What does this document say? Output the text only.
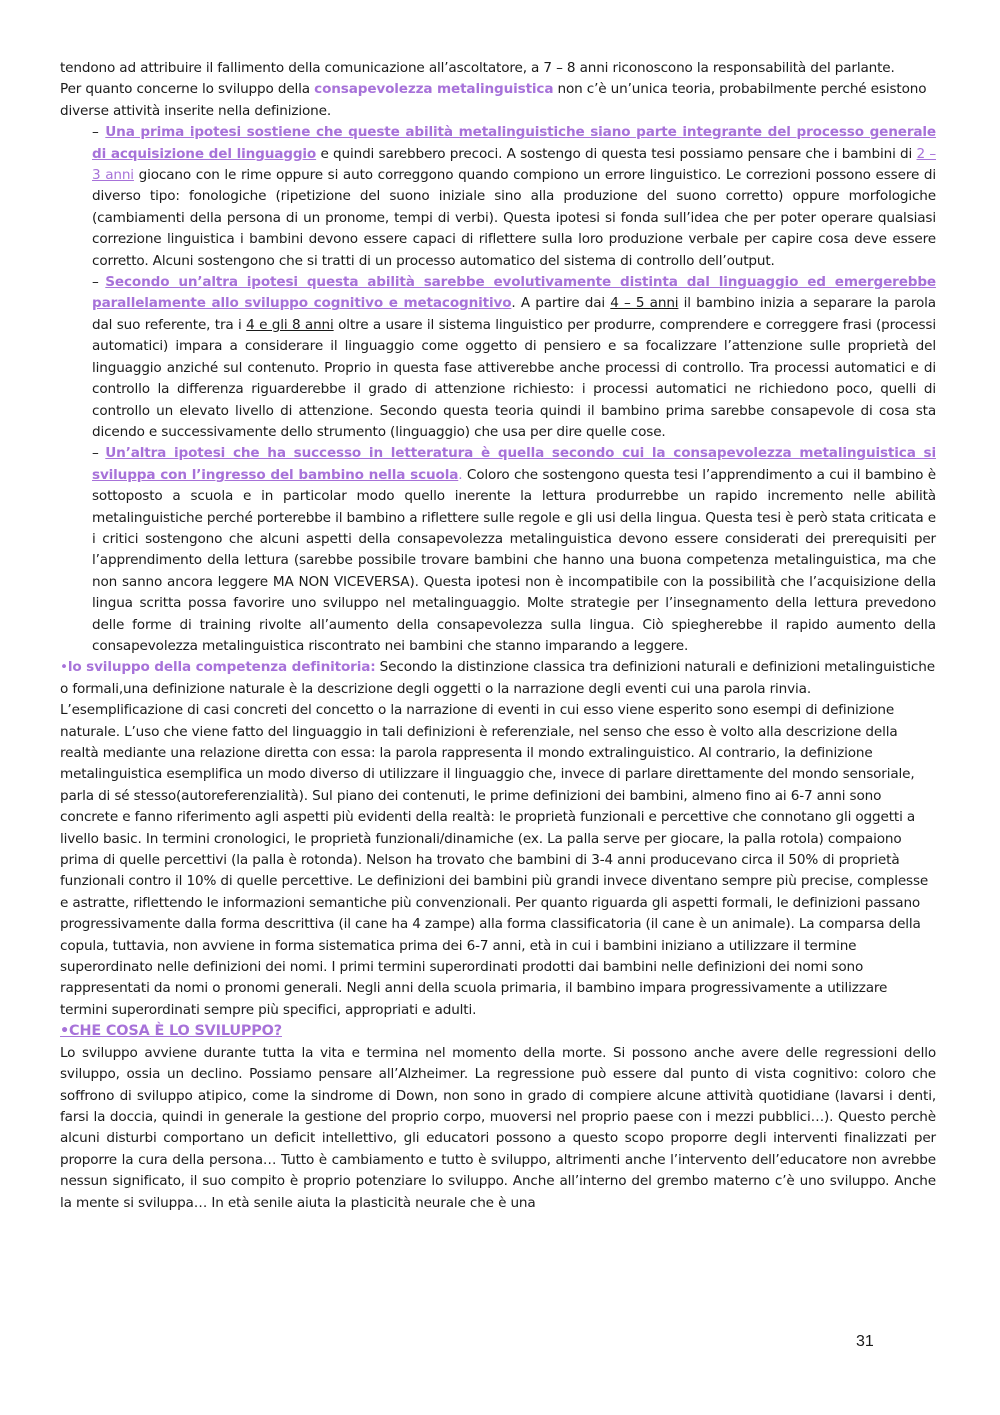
tendono ad attribuire il fallimento della comunicazione all’ascoltatore, a 7 – 8 anni riconoscono la responsabilità del parlante.

Per quanto concerne lo sviluppo della consapevolezza metalinguistica non c’è un’unica teoria, probabilmente perché esistono diverse attività inserite nella definizione.

–
   Una prima ipotesi sostiene che queste abilità metalinguistiche siano parte integrante del processo generale di acquisizione del linguaggio e quindi sarebbero precoci. A sostengo di questa tesi possiamo pensare che i bambini di 2 – 3 anni giocano con le rime oppure si auto correggono quando compiono un errore linguistico. Le correzioni possono essere di diverso tipo: fonologiche (ripetizione del suono iniziale sino alla produzione del suono corretto) oppure morfologiche (cambiamenti della persona di un pronome, tempi di verbi). Questa ipotesi si fonda sull’idea che per poter operare qualsiasi correzione linguistica i bambini devono essere capaci di riflettere sulla loro produzione verbale per capire cosa deve essere corretto. Alcuni sostengono che si tratti di un processo automatico del sistema di controllo dell’output.
–
   Secondo un’altra ipotesi questa abilità sarebbe evolutivamente distinta dal linguaggio ed emergerebbe parallelamente allo sviluppo cognitivo e metacognitivo. A partire dai 4 – 5 anni il bambino inizia a separare la parola dal suo referente, tra i 4 e gli 8 anni oltre a usare il sistema linguistico per produrre, comprendere e correggere frasi (processi automatici) impara a considerare il linguaggio come oggetto di pensiero e sa focalizzare l’attenzione sulle proprietà del linguaggio anziché sul contenuto. Proprio in questa fase attiverebbe anche processi di controllo. Tra processi automatici e di controllo la differenza riguarderebbe il grado di attenzione richiesto: i processi automatici ne richiedono poco, quelli di controllo un elevato livello di attenzione. Secondo questa teoria quindi il bambino prima sarebbe consapevole di cosa sta dicendo e successivamente dello strumento (linguaggio) che usa per dire quelle cose.
–
   Un’altra ipotesi che ha successo in letteratura è quella secondo cui la consapevolezza metalinguistica si sviluppa con l’ingresso del bambino nella scuola. Coloro che sostengono questa tesi l’apprendimento a cui il bambino è sottoposto a scuola e in particolar modo quello inerente la lettura produrrebbe un rapido incremento nelle abilità metalinguistiche perché porterebbe il bambino a riflettere sulle regole e gli usi della lingua. Questa tesi è però stata criticata e i critici sostengono che alcuni aspetti della consapevolezza metalinguistica devono essere considerati dei prerequisiti per l’apprendimento della lettura (sarebbe possibile trovare bambini che hanno una buona competenza metalinguistica, ma che non sanno ancora leggere MA NON VICEVERSA). Questa ipotesi non è incompatibile con la possibilità che l’acquisizione della lingua scritta possa favorire uno sviluppo nel metalinguaggio. Molte strategie per l’insegnamento della lettura prevedono delle forme di training rivolte all’aumento della consapevolezza sulla lingua. Ciò spiegherebbe il rapido aumento della consapevolezza metalinguistica riscontrato nei bambini che stanno imparando a leggere.

•lo sviluppo della competenza definitoria: Secondo la distinzione classica tra definizioni naturali e definizioni metalinguistiche o formali,una definizione naturale è la descrizione degli oggetti o la narrazione degli eventi cui una parola rinvia. L’esemplificazione di casi concreti del concetto o la narrazione di eventi in cui esso viene esperito sono esempi di definizione naturale. L’uso che viene fatto del linguaggio in tali definizioni è referenziale, nel senso che esso è volto alla descrizione della realtà mediante una relazione diretta con essa: la parola rappresenta il mondo extralinguistico. Al contrario, la definizione metalinguistica esemplifica un modo diverso di utilizzare il linguaggio che, invece di parlare direttamente del mondo sensoriale, parla di sé stesso(autoreferenzialità). Sul piano dei contenuti, le prime definizioni dei bambini, almeno fino ai 6-7 anni sono concrete e fanno riferimento agli aspetti più evidenti della realtà: le proprietà funzionali e percettive che connotano gli oggetti a livello basic. In termini cronologici, le proprietà funzionali/dinamiche (ex. La palla serve per giocare, la palla rotola) compaiono prima di quelle percettivi (la palla è rotonda). Nelson ha trovato che bambini di 3-4 anni producevano circa il 50% di proprietà funzionali contro il 10% di quelle percettive. Le definizioni dei bambini più grandi invece diventano sempre più precise, complesse e astratte, riflettendo le informazioni semantiche più convenzionali. Per quanto riguarda gli aspetti formali, le definizioni passano progressivamente dalla forma descrittiva (il cane ha 4 zampe) alla forma classificatoria (il cane è un animale). La comparsa della copula, tuttavia, non avviene in forma sistematica prima dei 6-7 anni, età in cui i bambini iniziano a utilizzare il termine superordinato nelle definizioni dei nomi. I primi termini superordinati prodotti dai bambini nelle definizioni dei nomi sono rappresentati da nomi o pronomi generali. Negli anni della scuola primaria, il bambino impara progressivamente a utilizzare termini superordinati sempre più specifici, appropriati e adulti.

•CHE COSA È LO SVILUPPO?

Lo sviluppo avviene durante tutta la vita e termina nel momento della morte. Si possono anche avere delle regressioni dello sviluppo, ossia un declino. Possiamo pensare all’Alzheimer. La regressione può essere dal punto di vista cognitivo: coloro che soffrono di sviluppo atipico, come la sindrome di Down, non sono in grado di compiere alcune attività quotidiane (lavarsi i denti, farsi la doccia, quindi in generale la gestione del proprio corpo, muoversi nel proprio paese con i mezzi pubblici…). Questo perchè alcuni disturbi comportano un deficit intellettivo, gli educatori possono a questo scopo proporre degli interventi finalizzati per proporre la cura della persona… Tutto è cambiamento e tutto è sviluppo, altrimenti anche l’intervento dell’educatore non avrebbe nessun significato, il suo compito è proprio potenziare lo sviluppo. Anche all’interno del grembo materno c’è uno sviluppo. Anche la mente si sviluppa… In età senile aiuta la plasticità neurale che è una

31
